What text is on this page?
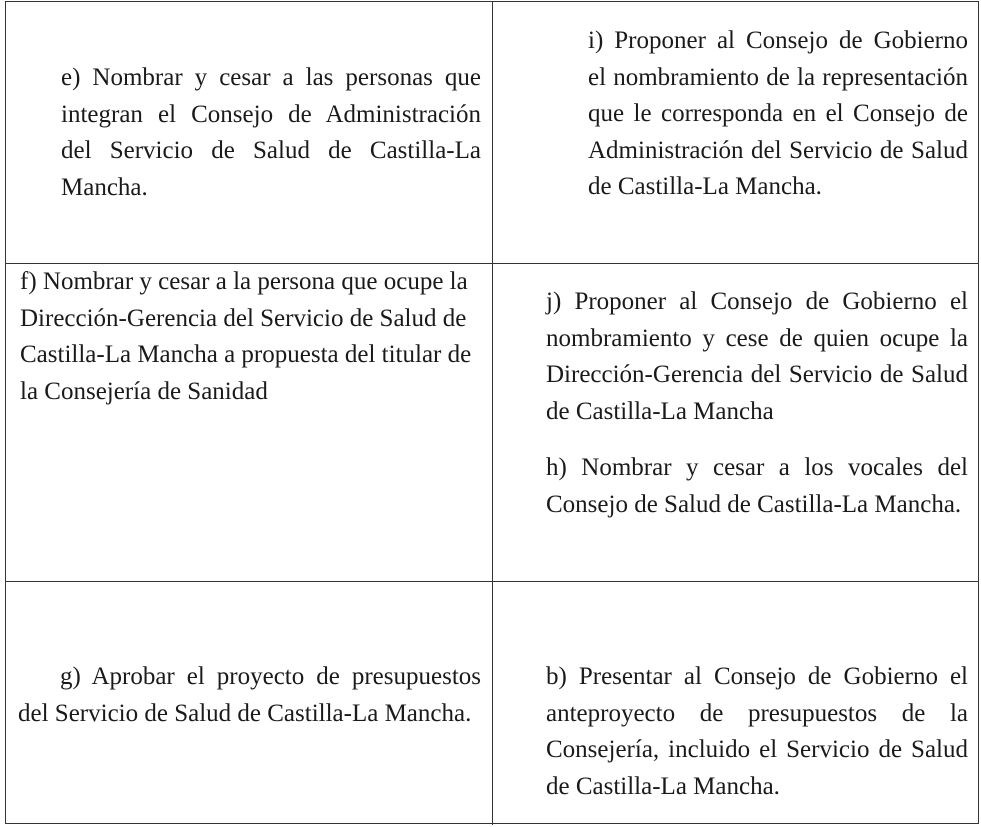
e) Nombrar y cesar a las personas que integran el Consejo de Administración del Servicio de Salud de Castilla-La Mancha.

i) Proponer al Consejo de Gobierno el nombramiento de la representación que le corresponda en el Consejo de Administración del Servicio de Salud de Castilla-La Mancha.

f) Nombrar y cesar a la persona que ocupe la Dirección-Gerencia del Servicio de Salud de Castilla-La Mancha a propuesta del titular de la Consejería de Sanidad

j) Proponer al Consejo de Gobierno el nombramiento y cese de quien ocupe la Dirección-Gerencia del Servicio de Salud de Castilla-La Mancha

h) Nombrar y cesar a los vocales del Consejo de Salud de Castilla-La Mancha.

g) Aprobar el proyecto de presupuestos del Servicio de Salud de Castilla-La Mancha.

b) Presentar al Consejo de Gobierno el anteproyecto de presupuestos de la Consejería, incluido el Servicio de Salud de Castilla-La Mancha.
